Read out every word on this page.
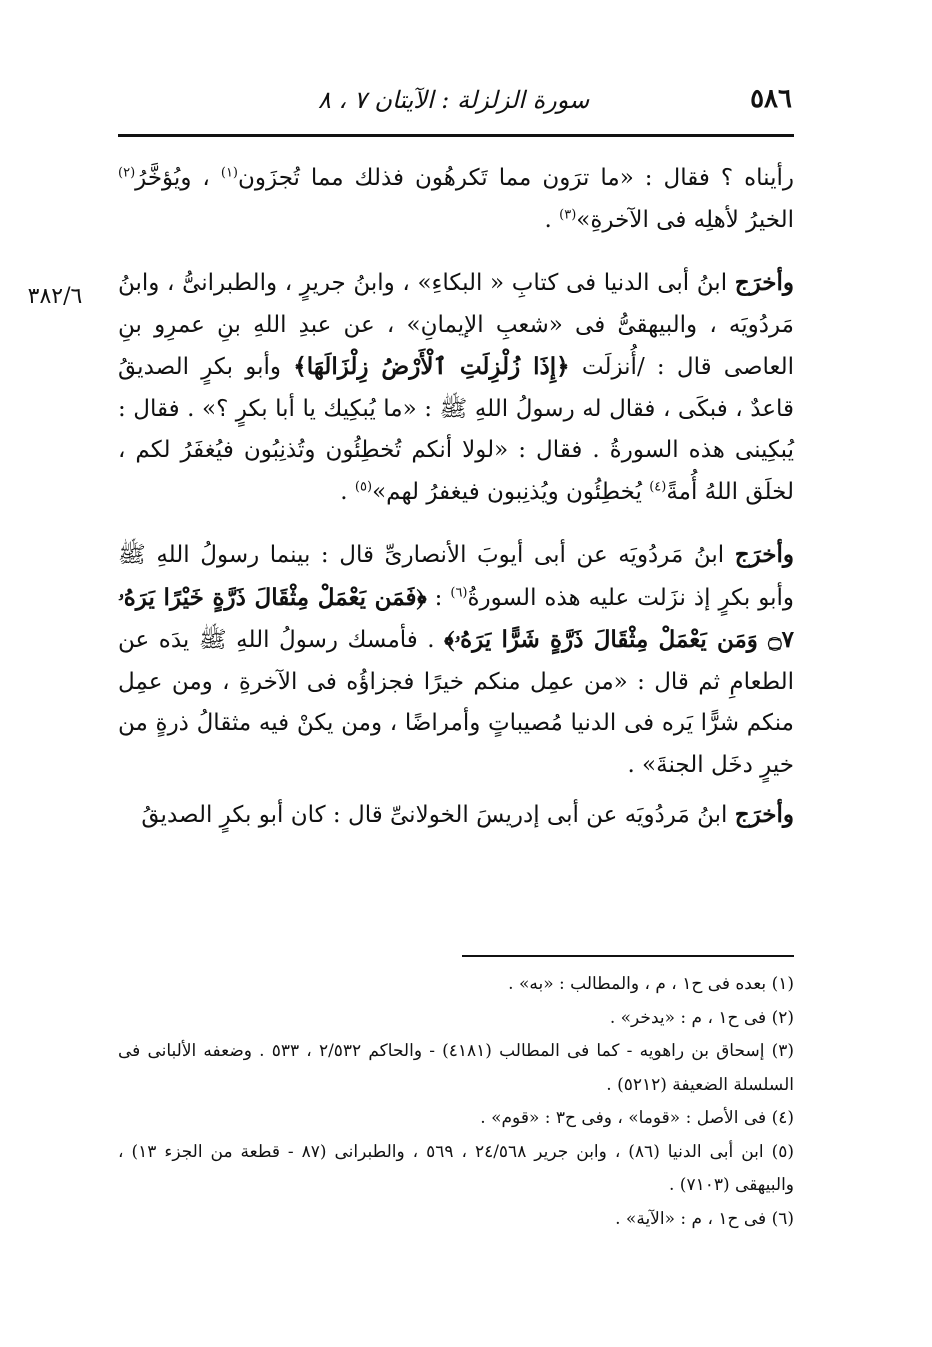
٥٨٦
سورة الزلزلة : الآيتان ٧ ، ٨
٣٨٢/٦

رأيناه ؟ فقال : «ما ترَون مما تَكرهُون فذلك مما تُجزَون$^{(١)}$ ، ويُؤخَّرُ$^{(٢)}$ الخيرُ لأهلِه فى الآخرةِ»$^{(٣)}$ .

وأخرَج ابنُ أبى الدنيا فى كتابِ « البكاءِ» ، وابنُ جريرٍ ، والطبرانىُّ ، وابنُ مَردُويَه ، والبيهقىُّ فى «شعبِ الإيمانِ» ، عن عبدِ اللهِ بنِ عمرِو بنِ العاصى قال : /أُنزلَت ﴿إِذَا زُلْزِلَتِ ٱلْأَرْضُ زِلْزَالَهَا﴾ وأبو بكرٍ الصديقُ قاعدٌ ، فبكَى ، فقال له رسولُ اللهِ ﷺ : «ما يُبكِيك يا أبا بكرٍ ؟» . فقال : يُبكِينى هذه السورةُ . فقال : «لولا أنكم تُخطِئُون وتُذنِبُون فيُغفَرُ لكم ، لخلَق اللهُ أُمةً$^{(٤)}$ يُخطِئُون ويُذنِبون فيغفرُ لهم»$^{(٥)}$ .

وأخرَج ابنُ مَردُويَه عن أبى أيوبَ الأنصارىِّ قال : بينما رسولُ اللهِ ﷺ وأبو بكرٍ إذ نزَلت عليه هذه السورةُ$^{(٦)}$ : ﴿فَمَن يَعْمَلْ مِثْقَالَ ذَرَّةٍ خَيْرًا يَرَهُۥ ۝٧ وَمَن يَعْمَلْ مِثْقَالَ ذَرَّةٍ شَرًّا يَرَهُۥ﴾ . فأمسك رسولُ اللهِ ﷺ يدَه عن الطعامِ ثم قال : «من عمِل منكم خيرًا فجزاؤُه فى الآخرةِ ، ومن عمِل منكم شرًّا يَره فى الدنيا مُصيباتٍ وأمراضًا ، ومن يكنْ فيه مثقالُ ذرةٍ من خيرٍ دخَل الجنةَ» .

وأخرَج ابنُ مَردُويَه عن أبى إدريسَ الخولانىِّ قال : كان أبو بكرٍ الصديقُ

(١) بعده فى ح١ ، م ، والمطالب : «به» .

(٢) فى ح١ ، م : «يدخر» .

(٣) إسحاق بن راهويه - كما فى المطالب (٤١٨١) - والحاكم ٢/٥٣٢ ، ٥٣٣ . وضعفه الألبانى فى السلسلة الضعيفة (٥٢١٢) .

(٤) فى الأصل : «قوما» ، وفى ح٣ : «قوم» .

(٥) ابن أبى الدنيا (٨٦) ، وابن جرير ٢٤/٥٦٨ ، ٥٦٩ ، والطبرانى (٨٧ - قطعة من الجزء ١٣) ، والبيهقى (٧١٠٣) .

(٦) فى ح١ ، م : «الآية» .
